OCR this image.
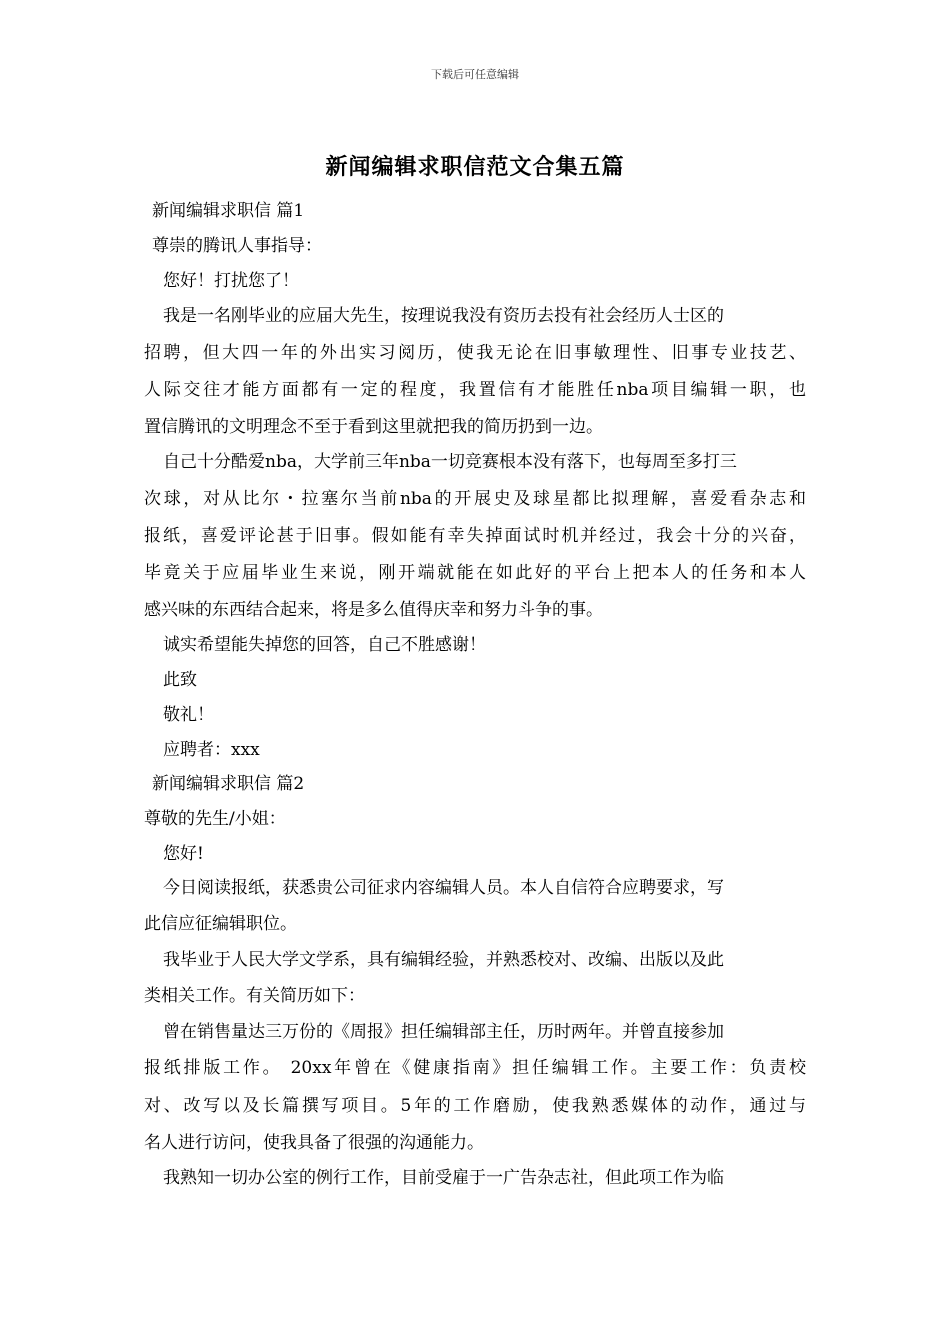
下载后可任意编辑
新闻编辑求职信范文合集五篇
新闻编辑求职信 篇1
尊崇的腾讯人事指导：
您好！打扰您了！
我是一名刚毕业的应届大先生，按理说我没有资历去投有社会经历人士区的
招聘，但大四一年的外出实习阅历，使我无论在旧事敏理性、旧事专业技艺、
人际交往才能方面都有一定的程度，我置信有才能胜任nba项目编辑一职，也
置信腾讯的文明理念不至于看到这里就把我的简历扔到一边。
自己十分酷爱nba，大学前三年nba一切竞赛根本没有落下，也每周至多打三
次球，对从比尔・拉塞尔当前nba的开展史及球星都比拟理解，喜爱看杂志和
报纸，喜爱评论甚于旧事。假如能有幸失掉面试时机并经过，我会十分的兴奋，
毕竟关于应届毕业生来说，刚开端就能在如此好的平台上把本人的任务和本人
感兴味的东西结合起来，将是多么值得庆幸和努力斗争的事。
诚实希望能失掉您的回答，自己不胜感谢！
此致
敬礼！
应聘者：xxx
新闻编辑求职信 篇2
尊敬的先生/小姐：
您好!
今日阅读报纸，获悉贵公司征求内容编辑人员。本人自信符合应聘要求，写
此信应征编辑职位。
我毕业于人民大学文学系，具有编辑经验，并熟悉校对、改编、出版以及此
类相关工作。有关简历如下：
曾在销售量达三万份的《周报》担任编辑部主任，历时两年。并曾直接参加
报纸排版工作。 20xx年曾在《健康指南》担任编辑工作。主要工作：负责校
对、改写以及长篇撰写项目。5年的工作磨励，使我熟悉媒体的动作，通过与
名人进行访问，使我具备了很强的沟通能力。
我熟知一切办公室的例行工作，目前受雇于一广告杂志社，但此项工作为临
